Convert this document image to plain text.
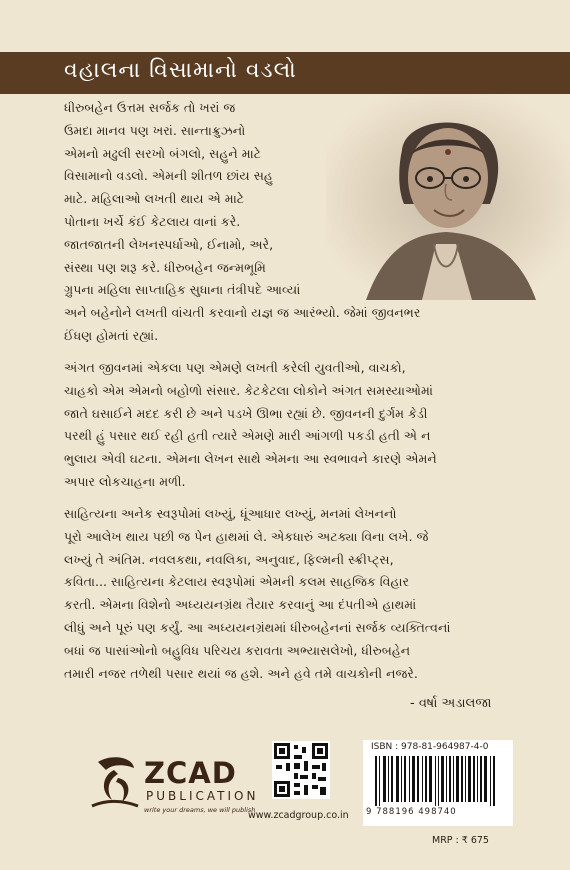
વહાલના વિસામાનો વડલો
ધીરુબહેન ઉત્તમ સર્જક તો ખરાં જ
ઉમદા માનવ પણ ખરાં. સાન્તાક્રુઝનો
એમનો મઢુલી સરખો બંગલો, સહુને માટે
વિસામાનો વડલો. એમની શીતળ છાંય સહુ
માટે. મહિલાઓ લખતી થાય એ માટે
પોતાના ખર્ચે કંઈ કેટલાય વાનાં કરે.
જાતજાતની લેખનસ્પર્ધાઓ, ઈનામો, અરે,
સંસ્થા પણ શરૂ કરે. ધીરુબહેન જન્મભૂમિ
ગ્રુપના મહિલા સાપ્તાહિક સુધાના તંત્રીપદે આવ્યાં
અને બહેનોને લખતી વાંચતી કરવાનો યજ્ઞ જ આરંભ્યો. જેમાં જીવનભર
ઈંધણ હોમતાં રહ્યાં.
અંગત જીવનમાં એકલા પણ એમણે લખતી કરેલી યુવતીઓ, વાચકો,
ચાહકો એમ એમનો બહોળો સંસાર. કેટકેટલા લોકોને અંગત સમસ્યાઓમાં
જાતે ઘસાઈને મદદ કરી છે અને પડખે ઊભા રહ્યાં છે. જીવનની દુર્ગમ કેડી
પરથી હું પસાર થઈ રહી હતી ત્યારે એમણે મારી આંગળી પકડી હતી એ ન
ભુલાય એવી ઘટના. એમના લેખન સાથે એમના આ સ્વભાવને કારણે એમને
અપાર લોકચાહના મળી.
સાહિત્યના અનેક સ્વરૂપોમાં લખ્યું, ધૂંઆધાર લખ્યું, મનમાં લેખનનો
પૂરો આલેખ થાય પછી જ પેન હાથમાં લે. એકધારું અટક્યા વિના લખે. જે
લખ્યું તે અંતિમ. નવલકથા, નવલિકા, અનુવાદ, ફિલ્મની સ્ક્રીપ્ટ્સ,
કવિતા... સાહિત્યના કેટલાય સ્વરૂપોમાં એમની કલમ સાહજિક વિહાર
કરતી. એમના વિશેનો અધ્યયનગ્રંથ તૈયાર કરવાનું આ દંપતીએ હાથમાં
લીધું અને પૂરું પણ કર્યું. આ અધ્યયનગ્રંથમાં ધીરુબહેનનાં સર્જક વ્યક્તિત્વનાં
બધાં જ પાસાંઓનો બહુવિધ પરિચય કરાવતા અભ્યાસલેખો, ધીરુબહેન
તમારી નજર તળેથી પસાર થયાં જ હશે. અને હવે તમે વાચકોની નજરે.
- વર્ષા અડાલજા
ZCAD
PUBLICATION
write your dreams, we will publish
www.zcadgroup.co.in
ISBN : 978-81-964987-4-0
9 788196 498740
MRP : ₹ 675
